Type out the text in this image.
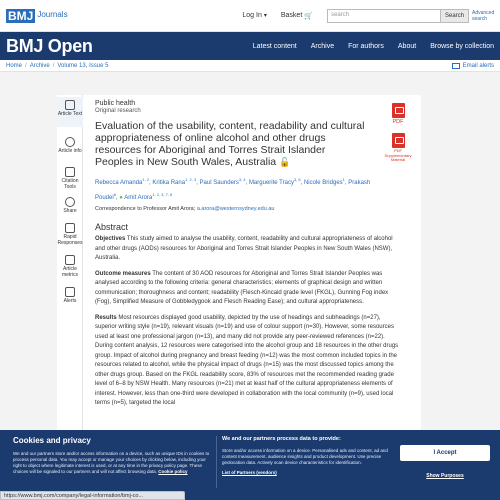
BMJ Journals	Log In ▾ Basket 🛒	search	Search	Advanced search
BMJ Open	Latest content Archive For authors About Browse by collection
Home / Archive / Volume 13, Issue 5	Email alerts
Article Text
Article info
Citation Tools
Share
Rapid Responses
Article metrics
Alerts
Public health
Original research
Evaluation of the usability, content, readability and cultural appropriateness of online alcohol and other drugs resources for Aboriginal and Torres Strait Islander Peoples in New South Wales, Australia 🔓
Rebecca Amanda$^{1, 2}$, Kritika Rana$^{1, 2, 3}$, Paul Saunders$^{3, 4}$, Marguerite Tracy$^{3, 5}$, Nicole Bridges$^1$, Prakash Poudel$^6$, ● Amit Arora$^{1, 2, 3, 7, 8}$
Correspondence to Professor Amit Arora; a.arora@westernsydney.edu.au
Abstract
Objectives This study aimed to analyse the usability, content, readability and cultural appropriateness of alcohol and other drugs (AODs) resources for Aboriginal and Torres Strait Islander Peoples in New South Wales (NSW), Australia.
Outcome measures The content of 30 AOD resources for Aboriginal and Torres Strait Islander Peoples was analysed according to the following criteria: general characteristics; elements of graphical design and written communication; thoroughness and content; readability (Flesch-Kincaid grade level (FKGL), Gunning Fog index (Fog), Simplified Measure of Gobbledygook and Flesch Reading Ease); and cultural appropriateness.
Results Most resources displayed good usability, depicted by the use of headings and subheadings (n=27), superior writing style (n=19), relevant visuals (n=19) and use of colour support (n=30). However, some resources used at least one professional jargon (n=13), and many did not provide any peer-reviewed references (n=22). During content analysis, 12 resources were categorised into the alcohol group and 18 resources in the other drugs group. Impact of alcohol during pregnancy and breast feeding (n=12) was the most common included topics in the resources related to alcohol, while the physical impact of drugs (n=15) was the most discussed topics among the other drugs group. Based on the FKGL readability score, 83% of resources met the recommended reading grade level of 6–8 by NSW Health. Many resources (n=21) met at least half of the cultural appropriateness elements of interest. However, less than one-third were developed in collaboration with the local community (n=9), used local terms (n=5), targeted the local
PDF
PDF Supplementary Material
Cookies and privacy
We and our partners store and/or access information on a device, such as unique IDs in cookies to process personal data. You may accept or manage your choices by clicking below, including your right to object where legitimate interest is used, or at any time in the privacy policy page. These choices will be signaled to our partners and will not affect browsing data. Cookie policy
We and our partners process data to provide:
Store and/or access information on a device. Personalised ads and content, ad and content measurement, audience insights and product development. Use precise geolocation data. Actively scan device characteristics for identification.
List of Partners (vendors)
I Accept
Show Purposes
https://www.bmj.com/company/legal-information/bmj-co...
